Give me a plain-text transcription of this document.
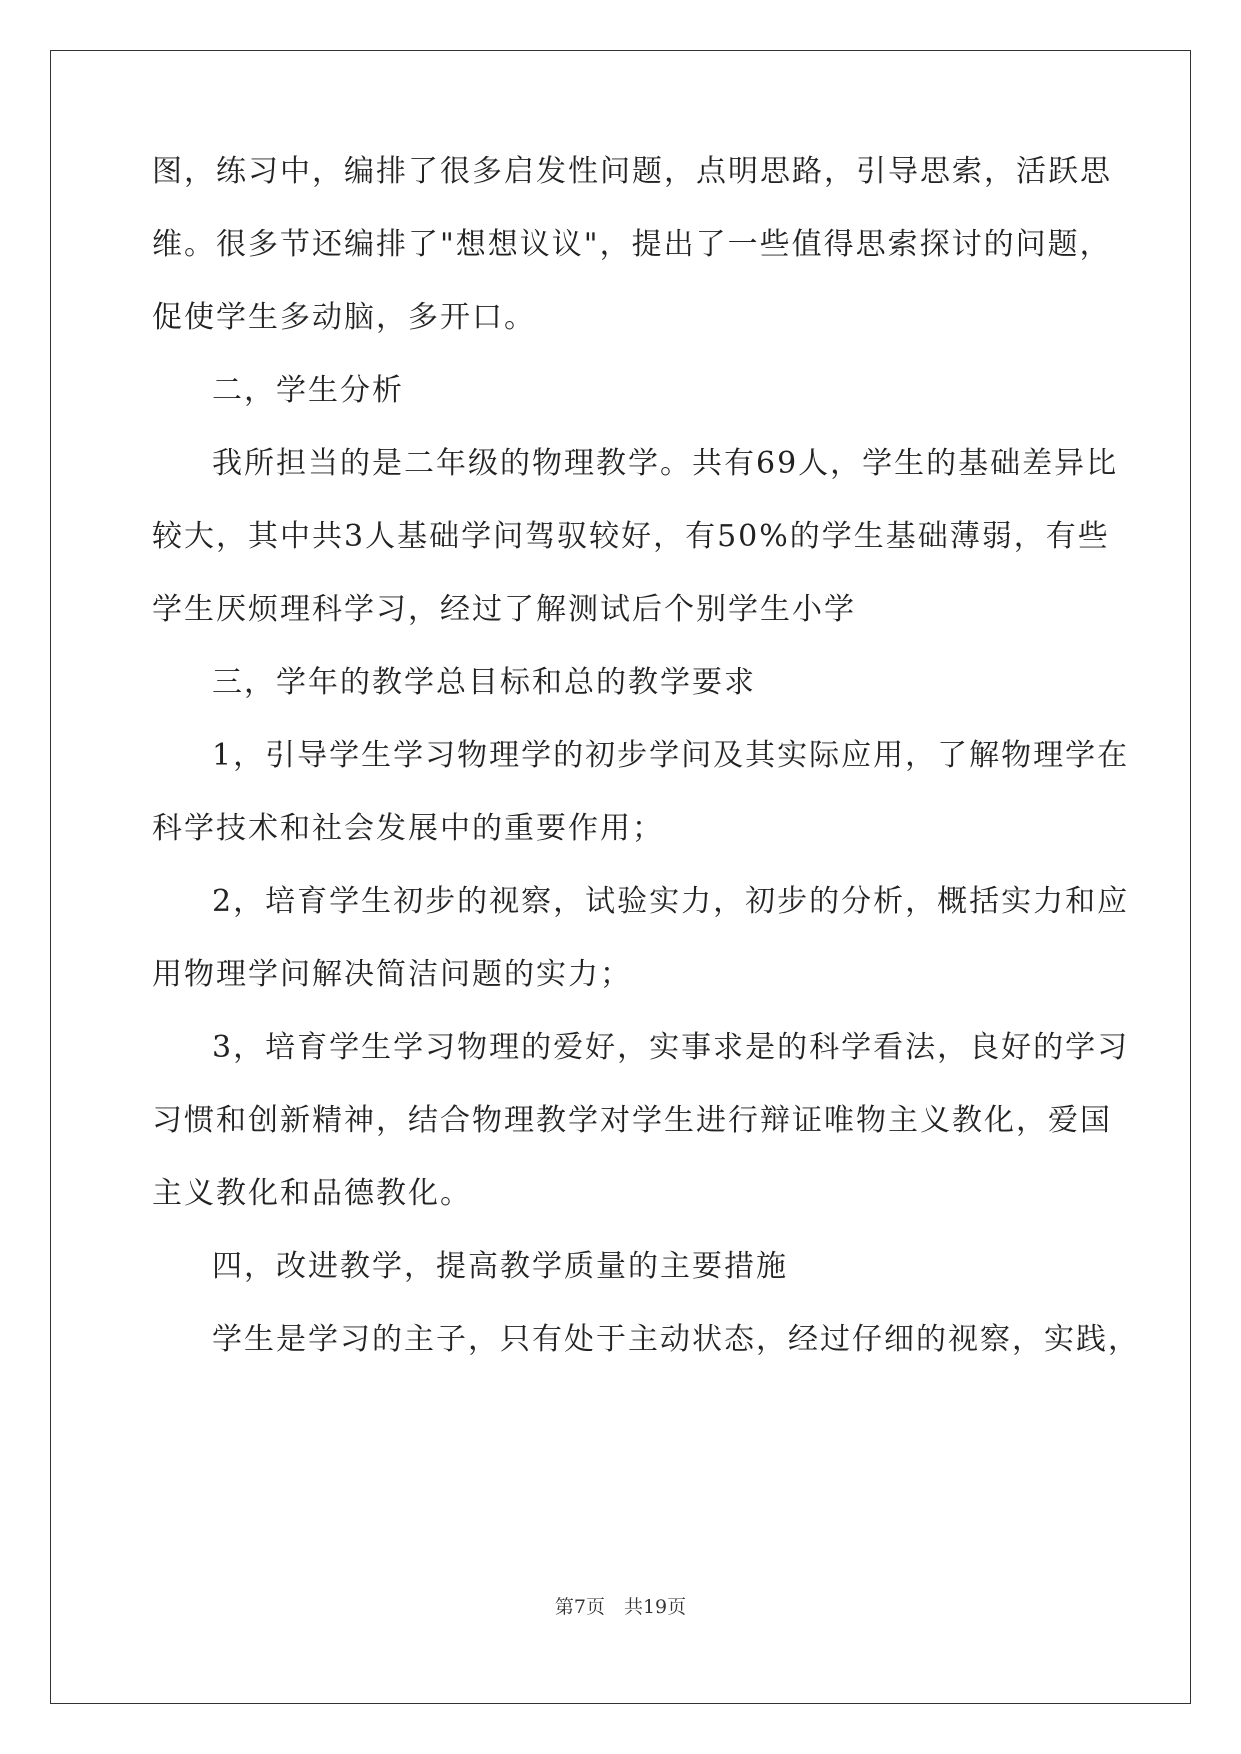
图，练习中，编排了很多启发性问题，点明思路，引导思索，活跃思
维。很多节还编排了"想想议议"，提出了一些值得思索探讨的问题，
促使学生多动脑，多开口。
二，学生分析
我所担当的是二年级的物理教学。共有69人，学生的基础差异比
较大，其中共3人基础学问驾驭较好，有50%的学生基础薄弱，有些
学生厌烦理科学习，经过了解测试后个别学生小学
三，学年的教学总目标和总的教学要求
1，引导学生学习物理学的初步学问及其实际应用，了解物理学在
科学技术和社会发展中的重要作用；
2，培育学生初步的视察，试验实力，初步的分析，概括实力和应
用物理学问解决简洁问题的实力；
3，培育学生学习物理的爱好，实事求是的科学看法，良好的学习
习惯和创新精神，结合物理教学对学生进行辩证唯物主义教化，爱国
主义教化和品德教化。
四，改进教学，提高教学质量的主要措施
学生是学习的主子，只有处于主动状态，经过仔细的视察，实践，
第7页　共19页
